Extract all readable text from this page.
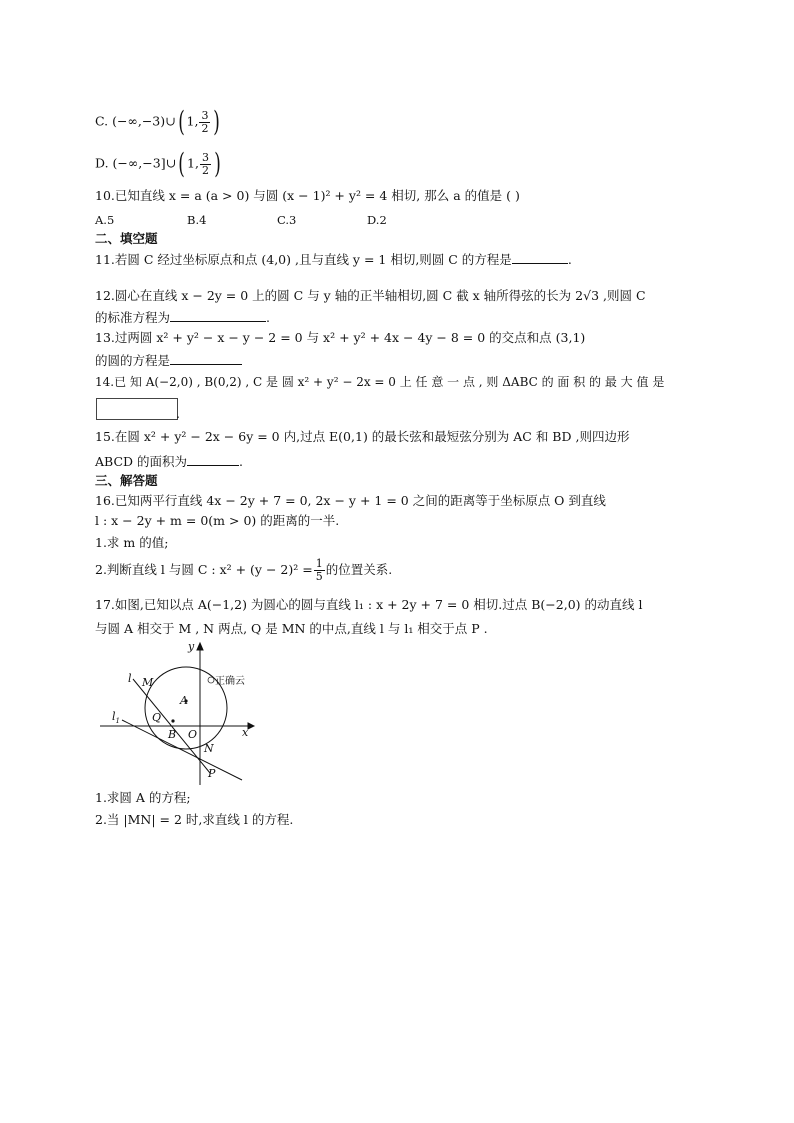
C. (−∞,−3)∪( 1, $\frac{3}{2}$ )
D. (−∞,−3]∪( 1, $\frac{3}{2}$ )
10.已知直线 x = a (a > 0) 与圆 (x − 1)² + y² = 4 相切, 那么 a 的值是 ( )
A.5	B.4	C.3	D.2
二、填空题
11.若圆 C 经过坐标原点和点 (4,0) ,且与直线 y = 1 相切,则圆 C 的方程是	.
12.圆心在直线 x − 2y = 0 上的圆 C 与 y 轴的正半轴相切,圆 C 截 x 轴所得弦的长为 2√3 ,则圆 C
的标准方程为	.
13.过两圆 x² + y² − x − y − 2 = 0 与 x² + y² + 4x − 4y − 8 = 0 的交点和点 (3,1)
的圆的方程是
14.已 知 A(−2,0) , B(0,2) , C 是 圆 x² + y² − 2x = 0 上 任 意 一 点 , 则 ΔABC 的 面 积 的 最 大 值 是
.
15.在圆 x² + y² − 2x − 6y = 0 内,过点 E(0,1) 的最长弦和最短弦分别为 AC 和 BD ,则四边形
ABCD 的面积为	.
三、解答题
16.已知两平行直线 4x − 2y + 7 = 0, 2x − y + 1 = 0 之间的距离等于坐标原点 O 到直线
l : x − 2y + m = 0(m > 0) 的距离的一半.
1.求 m 的值;
2.判断直线 l 与圆 C : $x^2 + (y - 2)^2 = \frac{1}{5}$ 的位置关系.
17.如图,已知以点 A(−1,2) 为圆心的圆与直线 l₁ : x + 2y + 7 = 0 相切.过点 B(−2,0) 的动直线 l
与圆 A 相交于 M , N 两点, Q 是 MN 的中点,直线 l 与 l₁ 相交于点 P .
y
x
l M
A
Q
B O
N
P
$l_1$
正确云
1.求圆 A 的方程;
2.当 |MN| = 2 时,求直线 l 的方程.
